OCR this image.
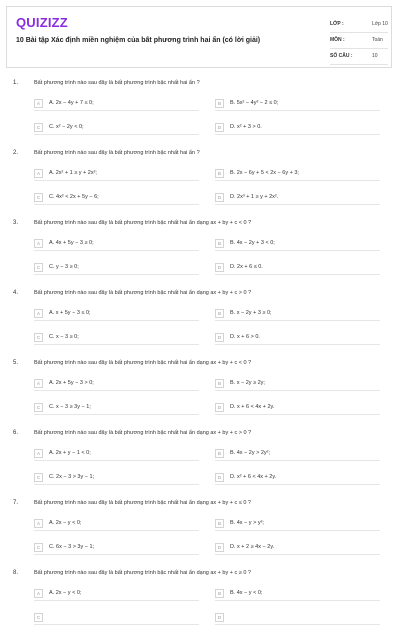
QUIZIZZ
10 Bài tập Xác định miền nghiệm của bất phương trình hai ẩn (có lời giải)
LỚP :	Lớp 10
MÔN :	Toán
SỐ CÂU :	10
1.	Bất phương trình nào sau đây là bất phương trình bậc nhất hai ẩn ?
A	A. 2x − 4y + 7 ≤ 0;	B	B. 5x² − 4y³ − 2 ≤ 0;
C	C. x² − 2y < 0;	D	D. x² + 3 > 0.
2.	Bất phương trình nào sau đây là bất phương trình bậc nhất hai ẩn ?
A	A. 2x² + 1 ≥ y + 2x²;	B	B. 2x − 6y + 5 < 2x − 6y + 3;
C	C. 4x² < 2x + 5y − 6;	D	D. 2x³ + 1 ≥ y + 2x².
3.	Bất phương trình nào sau đây là bất phương trình bậc nhất hai ẩn dạng ax + by + c < 0 ?
A	A. 4x + 5y − 3 ≥ 0;	B	B. 4x − 2y + 3 < 0;
C	C. y − 3 ≥ 0;	D	D. 2x + 6 ≤ 0.
4.	Bất phương trình nào sau đây là bất phương trình bậc nhất hai ẩn dạng ax + by + c > 0 ?
A	A. x + 5y − 3 ≤ 0;	B	B. x − 2y + 3 ≥ 0;
C	C. x − 3 ≥ 0;	D	D. x + 6 > 0.
5.	Bất phương trình nào sau đây là bất phương trình bậc nhất hai ẩn dạng ax + by + c < 0 ?
A	A. 2x + 5y − 3 > 0;	B	B. x − 2y ≥ 2y;
C	C. x − 3 ≥ 3y − 1;	D	D. x + 6 < 4x + 2y.
6.	Bất phương trình nào sau đây là bất phương trình bậc nhất hai ẩn dạng ax + by + c > 0 ?
A	A. 2x + y − 1 < 0;	B	B. 4x − 2y > 2y²;
C	C. 2x − 3 > 3y − 1;	D	D. x² + 6 < 4x + 2y.
7.	Bất phương trình nào sau đây là bất phương trình bậc nhất hai ẩn dạng ax + by + c ≤ 0 ?
A	A. 2x − y < 0;	B	B. 4x − y > y²;
C	C. 6x − 3 > 3y − 1;	D	D. x + 2 ≥ 4x − 2y.
8.	Bất phương trình nào sau đây là bất phương trình bậc nhất hai ẩn dạng ax + by + c ≥ 0 ?
A	A. 2x − y < 0;	B	B. 4x − y < 0;
C	D
